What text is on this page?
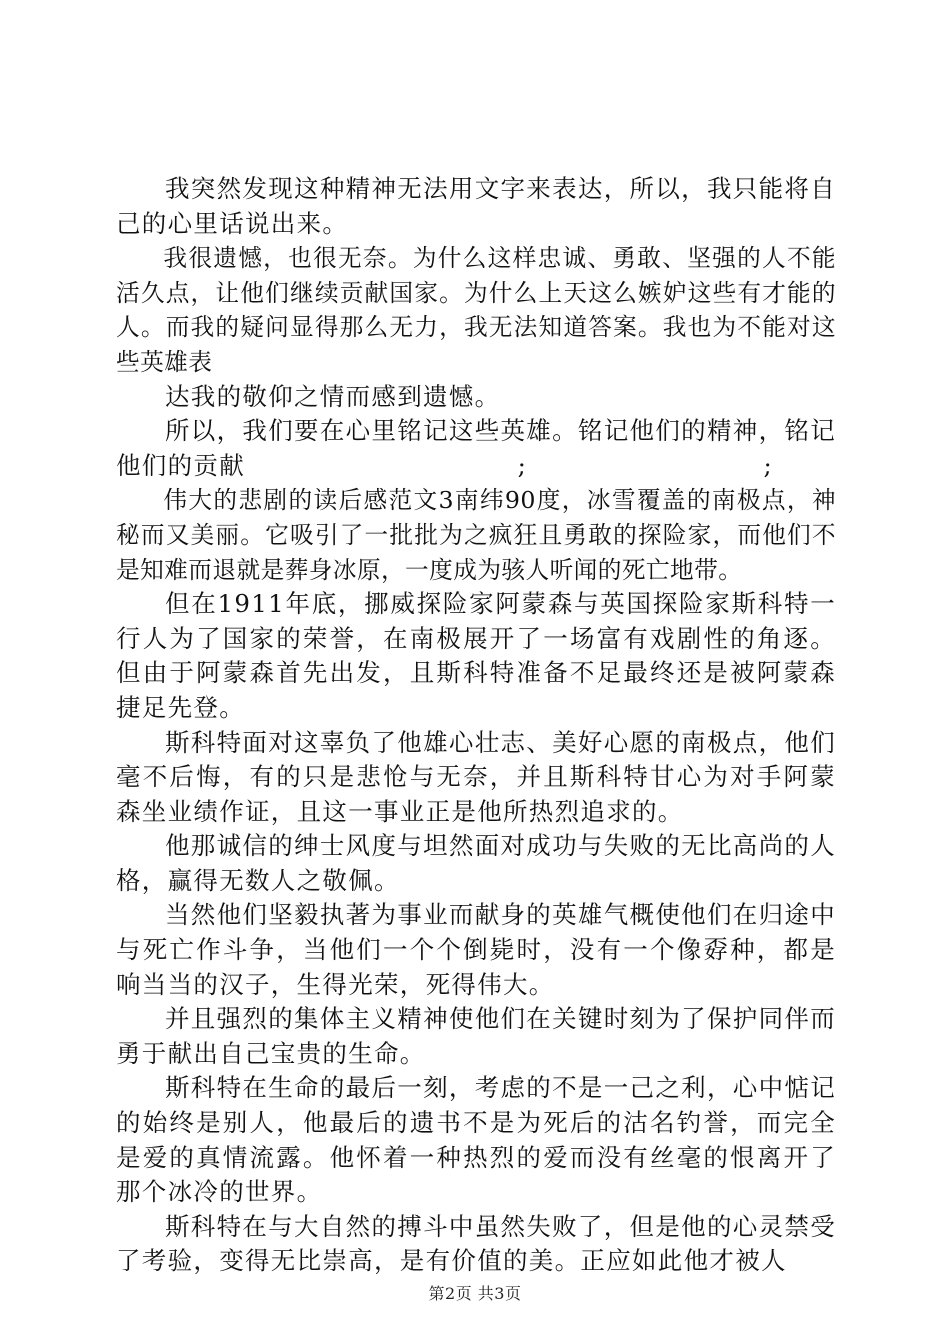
我突然发现这种精神无法用文字来表达，所以，我只能将自己的心里话说出来。

我很遗憾，也很无奈。为什么这样忠诚、勇敢、坚强的人不能活久点，让他们继续贡献国家。为什么上天这么嫉妒这些有才能的人。而我的疑问显得那么无力，我无法知道答案。我也为不能对这些英雄表

达我的敬仰之情而感到遗憾。

所以，我们要在心里铭记这些英雄。铭记他们的精神，铭记他们的贡献                              ;                          ;

伟大的悲剧的读后感范文3南纬90度，冰雪覆盖的南极点，神秘而又美丽。它吸引了一批批为之疯狂且勇敢的探险家，而他们不是知难而退就是葬身冰原，一度成为骇人听闻的死亡地带。

但在1911年底，挪威探险家阿蒙森与英国探险家斯科特一行人为了国家的荣誉，在南极展开了一场富有戏剧性的角逐。但由于阿蒙森首先出发，且斯科特准备不足最终还是被阿蒙森捷足先登。

斯科特面对这辜负了他雄心壮志、美好心愿的南极点，他们毫不后悔，有的只是悲怆与无奈，并且斯科特甘心为对手阿蒙森坐业绩作证，且这一事业正是他所热烈追求的。

他那诚信的绅士风度与坦然面对成功与失败的无比高尚的人格，赢得无数人之敬佩。

当然他们坚毅执著为事业而献身的英雄气概使他们在归途中与死亡作斗争，当他们一个个倒毙时，没有一个像孬种，都是响当当的汉子，生得光荣，死得伟大。

并且强烈的集体主义精神使他们在关键时刻为了保护同伴而勇于献出自己宝贵的生命。

斯科特在生命的最后一刻，考虑的不是一己之利，心中惦记的始终是别人，他最后的遗书不是为死后的沽名钓誉，而完全是爱的真情流露。他怀着一种热烈的爱而没有丝毫的恨离开了那个冰冷的世界。

斯科特在与大自然的搏斗中虽然失败了，但是他的心灵禁受了考验，变得无比崇高，是有价值的美。正应如此他才被人

第2页 共3页
